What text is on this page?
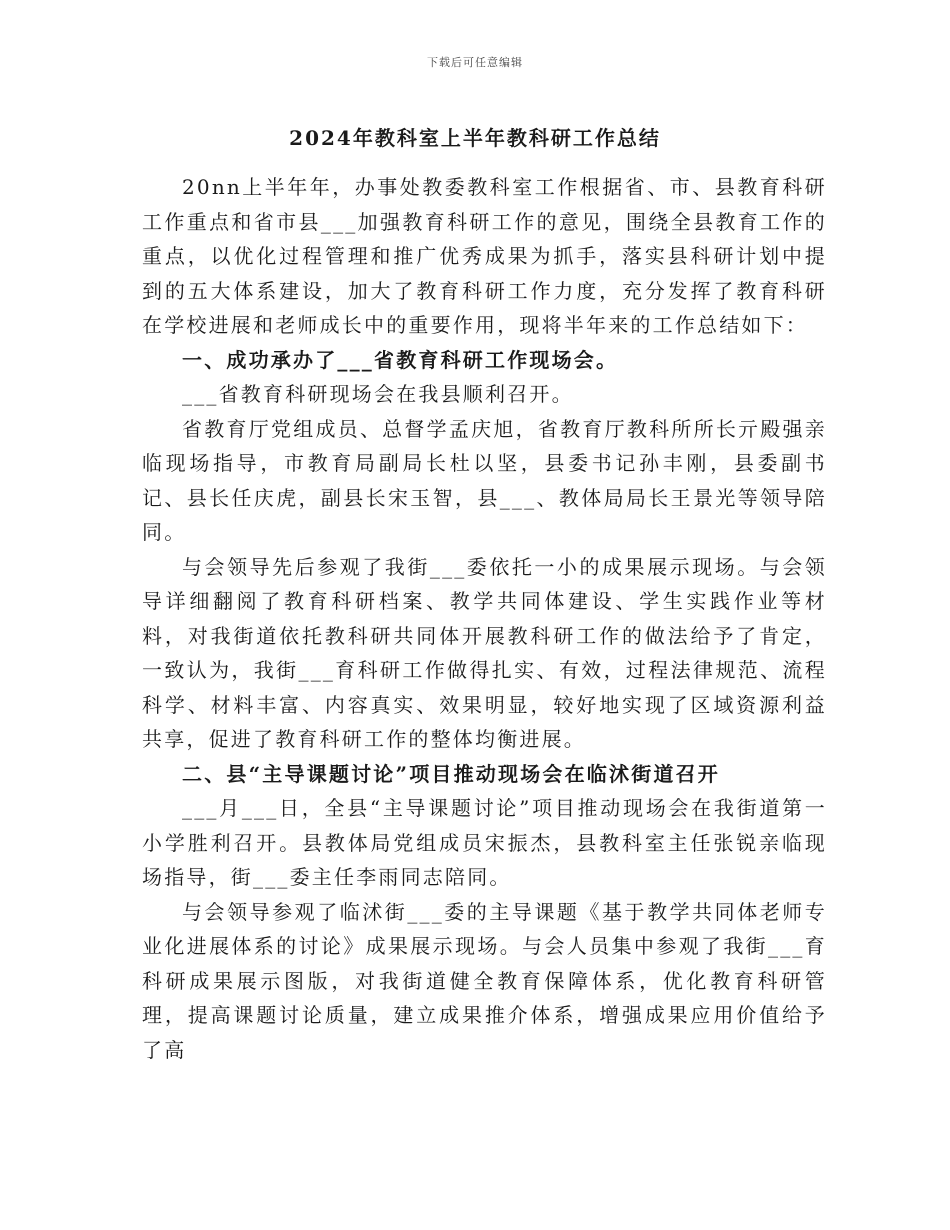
下载后可任意编辑
2024年教科室上半年教科研工作总结

20nn上半年年，办事处教委教科室工作根据省、市、县教育科研工作重点和省市县___加强教育科研工作的意见，围绕全县教育工作的重点，以优化过程管理和推广优秀成果为抓手，落实县科研计划中提到的五大体系建设，加大了教育科研工作力度，充分发挥了教育科研在学校进展和老师成长中的重要作用，现将半年来的工作总结如下：

一、成功承办了___省教育科研工作现场会。

___省教育科研现场会在我县顺利召开。

省教育厅党组成员、总督学孟庆旭，省教育厅教科所所长亓殿强亲临现场指导，市教育局副局长杜以坚，县委书记孙丰刚，县委副书记、县长任庆虎，副县长宋玉智，县___、教体局局长王景光等领导陪同。

与会领导先后参观了我街___委依托一小的成果展示现场。与会领导详细翻阅了教育科研档案、教学共同体建设、学生实践作业等材料，对我街道依托教科研共同体开展教科研工作的做法给予了肯定，一致认为，我街___育科研工作做得扎实、有效，过程法律规范、流程科学、材料丰富、内容真实、效果明显，较好地实现了区域资源利益共享，促进了教育科研工作的整体均衡进展。

二、县“主导课题讨论”项目推动现场会在临沭街道召开

___月___日，全县“主导课题讨论”项目推动现场会在我街道第一小学胜利召开。县教体局党组成员宋振杰，县教科室主任张锐亲临现场指导，街___委主任李雨同志陪同。

与会领导参观了临沭街___委的主导课题《基于教学共同体老师专业化进展体系的讨论》成果展示现场。与会人员集中参观了我街___育科研成果展示图版，对我街道健全教育保障体系，优化教育科研管理，提高课题讨论质量，建立成果推介体系，增强成果应用价值给予了高
